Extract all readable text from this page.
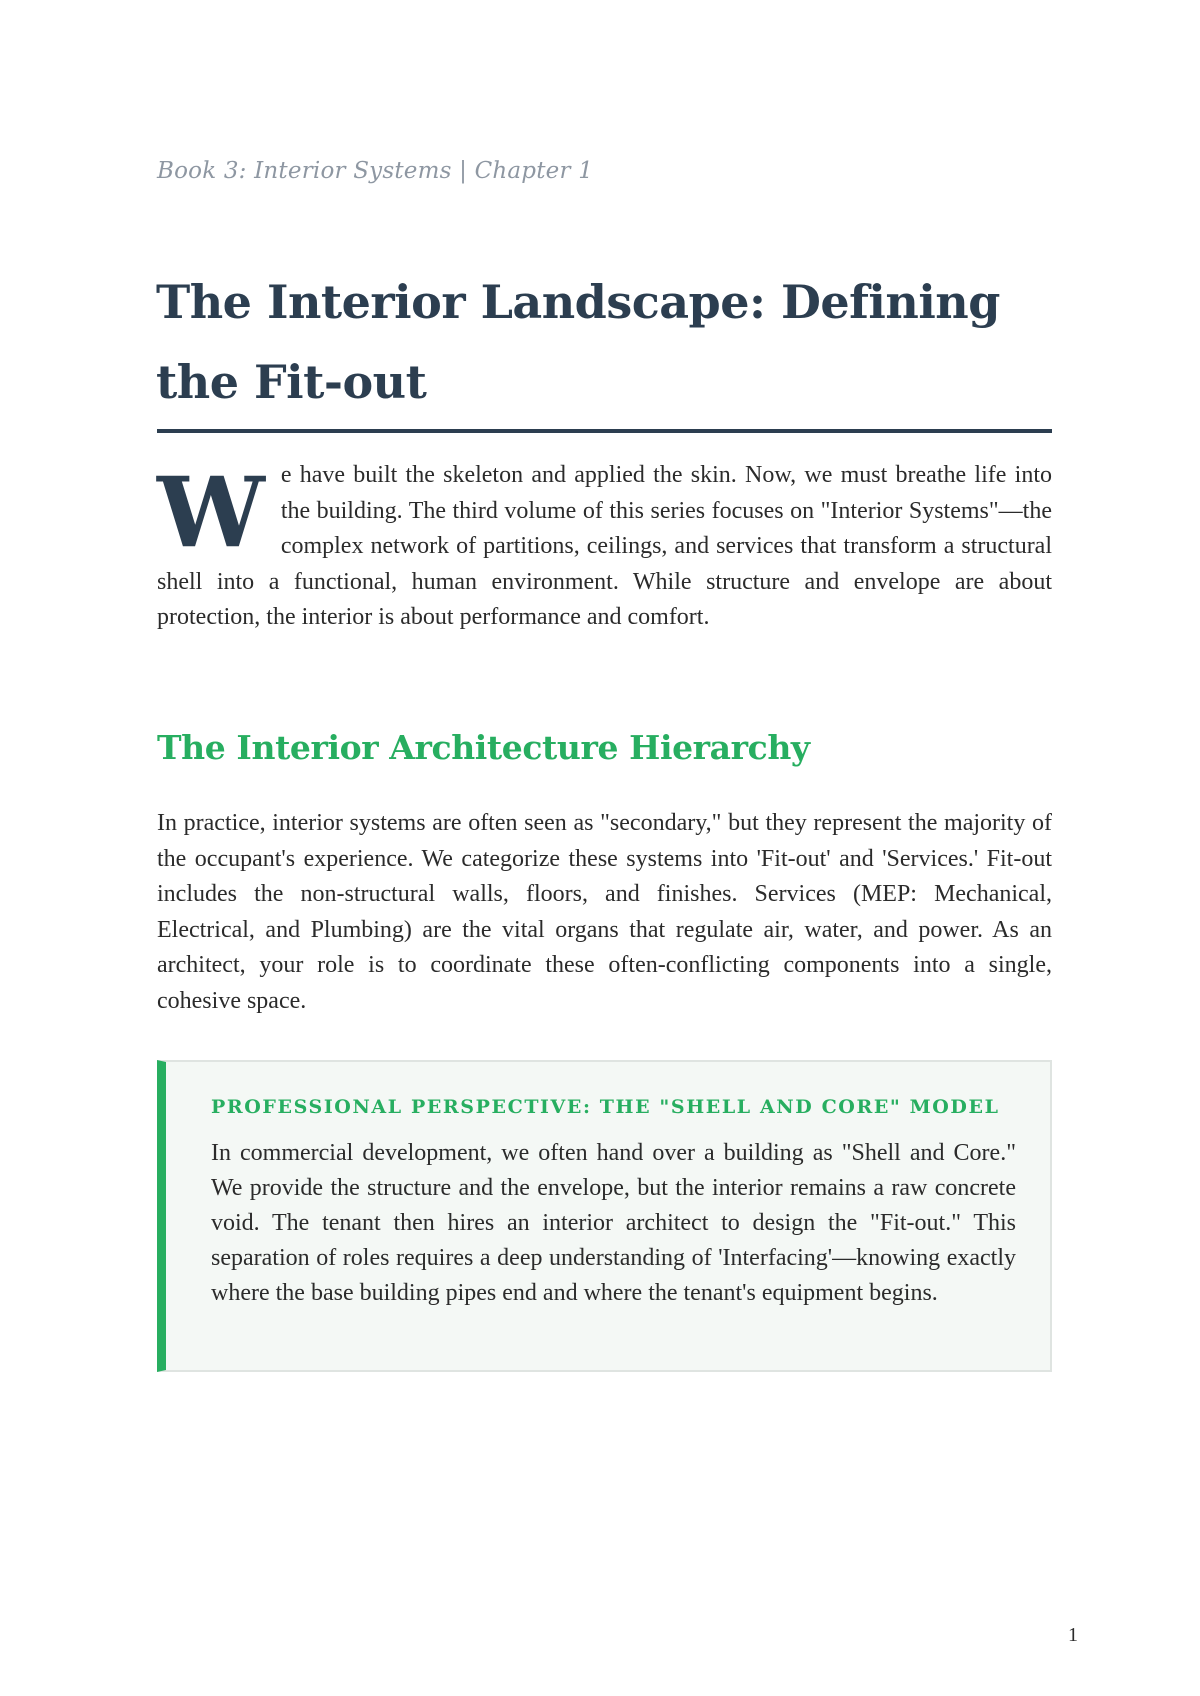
Book 3: Interior Systems | Chapter 1
The Interior Landscape: Defining the Fit-out

We have built the skeleton and applied the skin. Now, we must breathe life into the building. The third volume of this series focuses on "Interior Systems"—the complex network of partitions, ceilings, and services that transform a structural shell into a functional, human environment. While structure and envelope are about protection, the interior is about performance and comfort.

The Interior Architecture Hierarchy

In practice, interior systems are often seen as "secondary," but they represent the majority of the occupant's experience. We categorize these systems into 'Fit-out' and 'Services.' Fit-out includes the non-structural walls, floors, and finishes. Services (MEP: Mechanical, Electrical, and Plumbing) are the vital organs that regulate air, water, and power. As an architect, your role is to coordinate these often-conflicting components into a single, cohesive space.

PROFESSIONAL PERSPECTIVE: THE "SHELL AND CORE" MODEL

In commercial development, we often hand over a building as "Shell and Core." We provide the structure and the envelope, but the interior remains a raw concrete void. The tenant then hires an interior architect to design the "Fit-out." This separation of roles requires a deep understanding of 'Interfacing'—knowing exactly where the base building pipes end and where the tenant's equipment begins.

1
